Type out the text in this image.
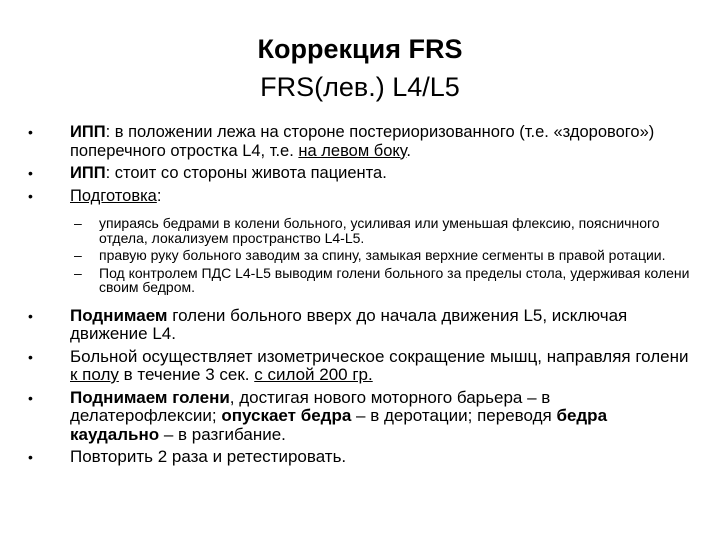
Коррекция FRS
FRS(лев.) L4/L5
•	ИПП: в положении лежа на стороне постериоризованного (т.е. «здорового») поперечного отростка L4, т.е. на левом боку.
•	ИПП: стоит со стороны живота пациента.
•	Подготовка:
– упираясь бедрами в колени больного, усиливая или уменьшая флексию, поясничного отдела, локализуем пространство L4-L5.
– правую руку больного заводим за спину, замыкая верхние сегменты в правой ротации.
– Под контролем ПДС L4-L5 выводим голени больного за пределы стола, удерживая колени своим бедром.
•	Поднимаем голени больного вверх до начала движения L5, исключая движение L4.
•	Больной осуществляет изометрическое сокращение мышц, направляя голени к полу в течение 3 сек. с силой 200 гр.
•	Поднимаем голени, достигая нового моторного барьера – в делатерофлексии; опускает бедра – в деротации; переводя бедра каудально – в разгибание.
•	Повторить 2 раза и ретестировать.
